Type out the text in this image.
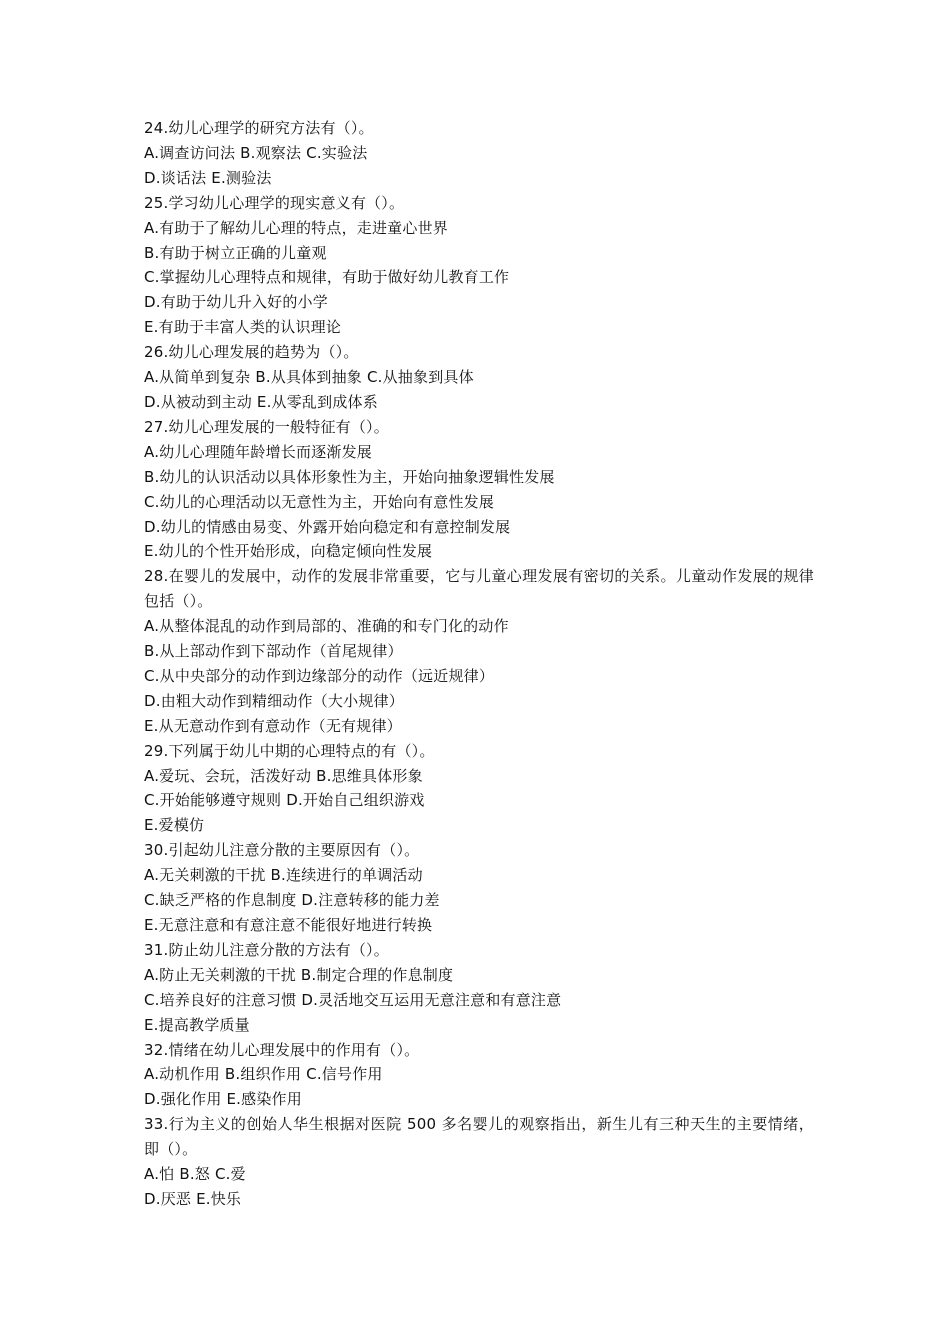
24.幼儿心理学的研究方法有（）。
A.调查访问法 B.观察法 C.实验法
D.谈话法 E.测验法
25.学习幼儿心理学的现实意义有（）。
A.有助于了解幼儿心理的特点，走进童心世界
B.有助于树立正确的儿童观
C.掌握幼儿心理特点和规律，有助于做好幼儿教育工作
D.有助于幼儿升入好的小学
E.有助于丰富人类的认识理论
26.幼儿心理发展的趋势为（）。
A.从简单到复杂 B.从具体到抽象 C.从抽象到具体
D.从被动到主动 E.从零乱到成体系
27.幼儿心理发展的一般特征有（）。
A.幼儿心理随年龄增长而逐渐发展
B.幼儿的认识活动以具体形象性为主，开始向抽象逻辑性发展
C.幼儿的心理活动以无意性为主，开始向有意性发展
D.幼儿的情感由易变、外露开始向稳定和有意控制发展
E.幼儿的个性开始形成，向稳定倾向性发展
28.在婴儿的发展中，动作的发展非常重要，它与儿童心理发展有密切的关系。儿童动作发展的规律包括（）。
A.从整体混乱的动作到局部的、准确的和专门化的动作
B.从上部动作到下部动作（首尾规律）
C.从中央部分的动作到边缘部分的动作（远近规律）
D.由粗大动作到精细动作（大小规律）
E.从无意动作到有意动作（无有规律）
29.下列属于幼儿中期的心理特点的有（）。
A.爱玩、会玩，活泼好动 B.思维具体形象
C.开始能够遵守规则 D.开始自己组织游戏
E.爱模仿
30.引起幼儿注意分散的主要原因有（）。
A.无关刺激的干扰 B.连续进行的单调活动
C.缺乏严格的作息制度 D.注意转移的能力差
E.无意注意和有意注意不能很好地进行转换
31.防止幼儿注意分散的方法有（）。
A.防止无关刺激的干扰 B.制定合理的作息制度
C.培养良好的注意习惯 D.灵活地交互运用无意注意和有意注意
E.提高教学质量
32.情绪在幼儿心理发展中的作用有（）。
A.动机作用 B.组织作用 C.信号作用
D.强化作用 E.感染作用
33.行为主义的创始人华生根据对医院 500 多名婴儿的观察指出，新生儿有三种天生的主要情绪，即（）。
A.怕 B.怒 C.爱
D.厌恶 E.快乐
